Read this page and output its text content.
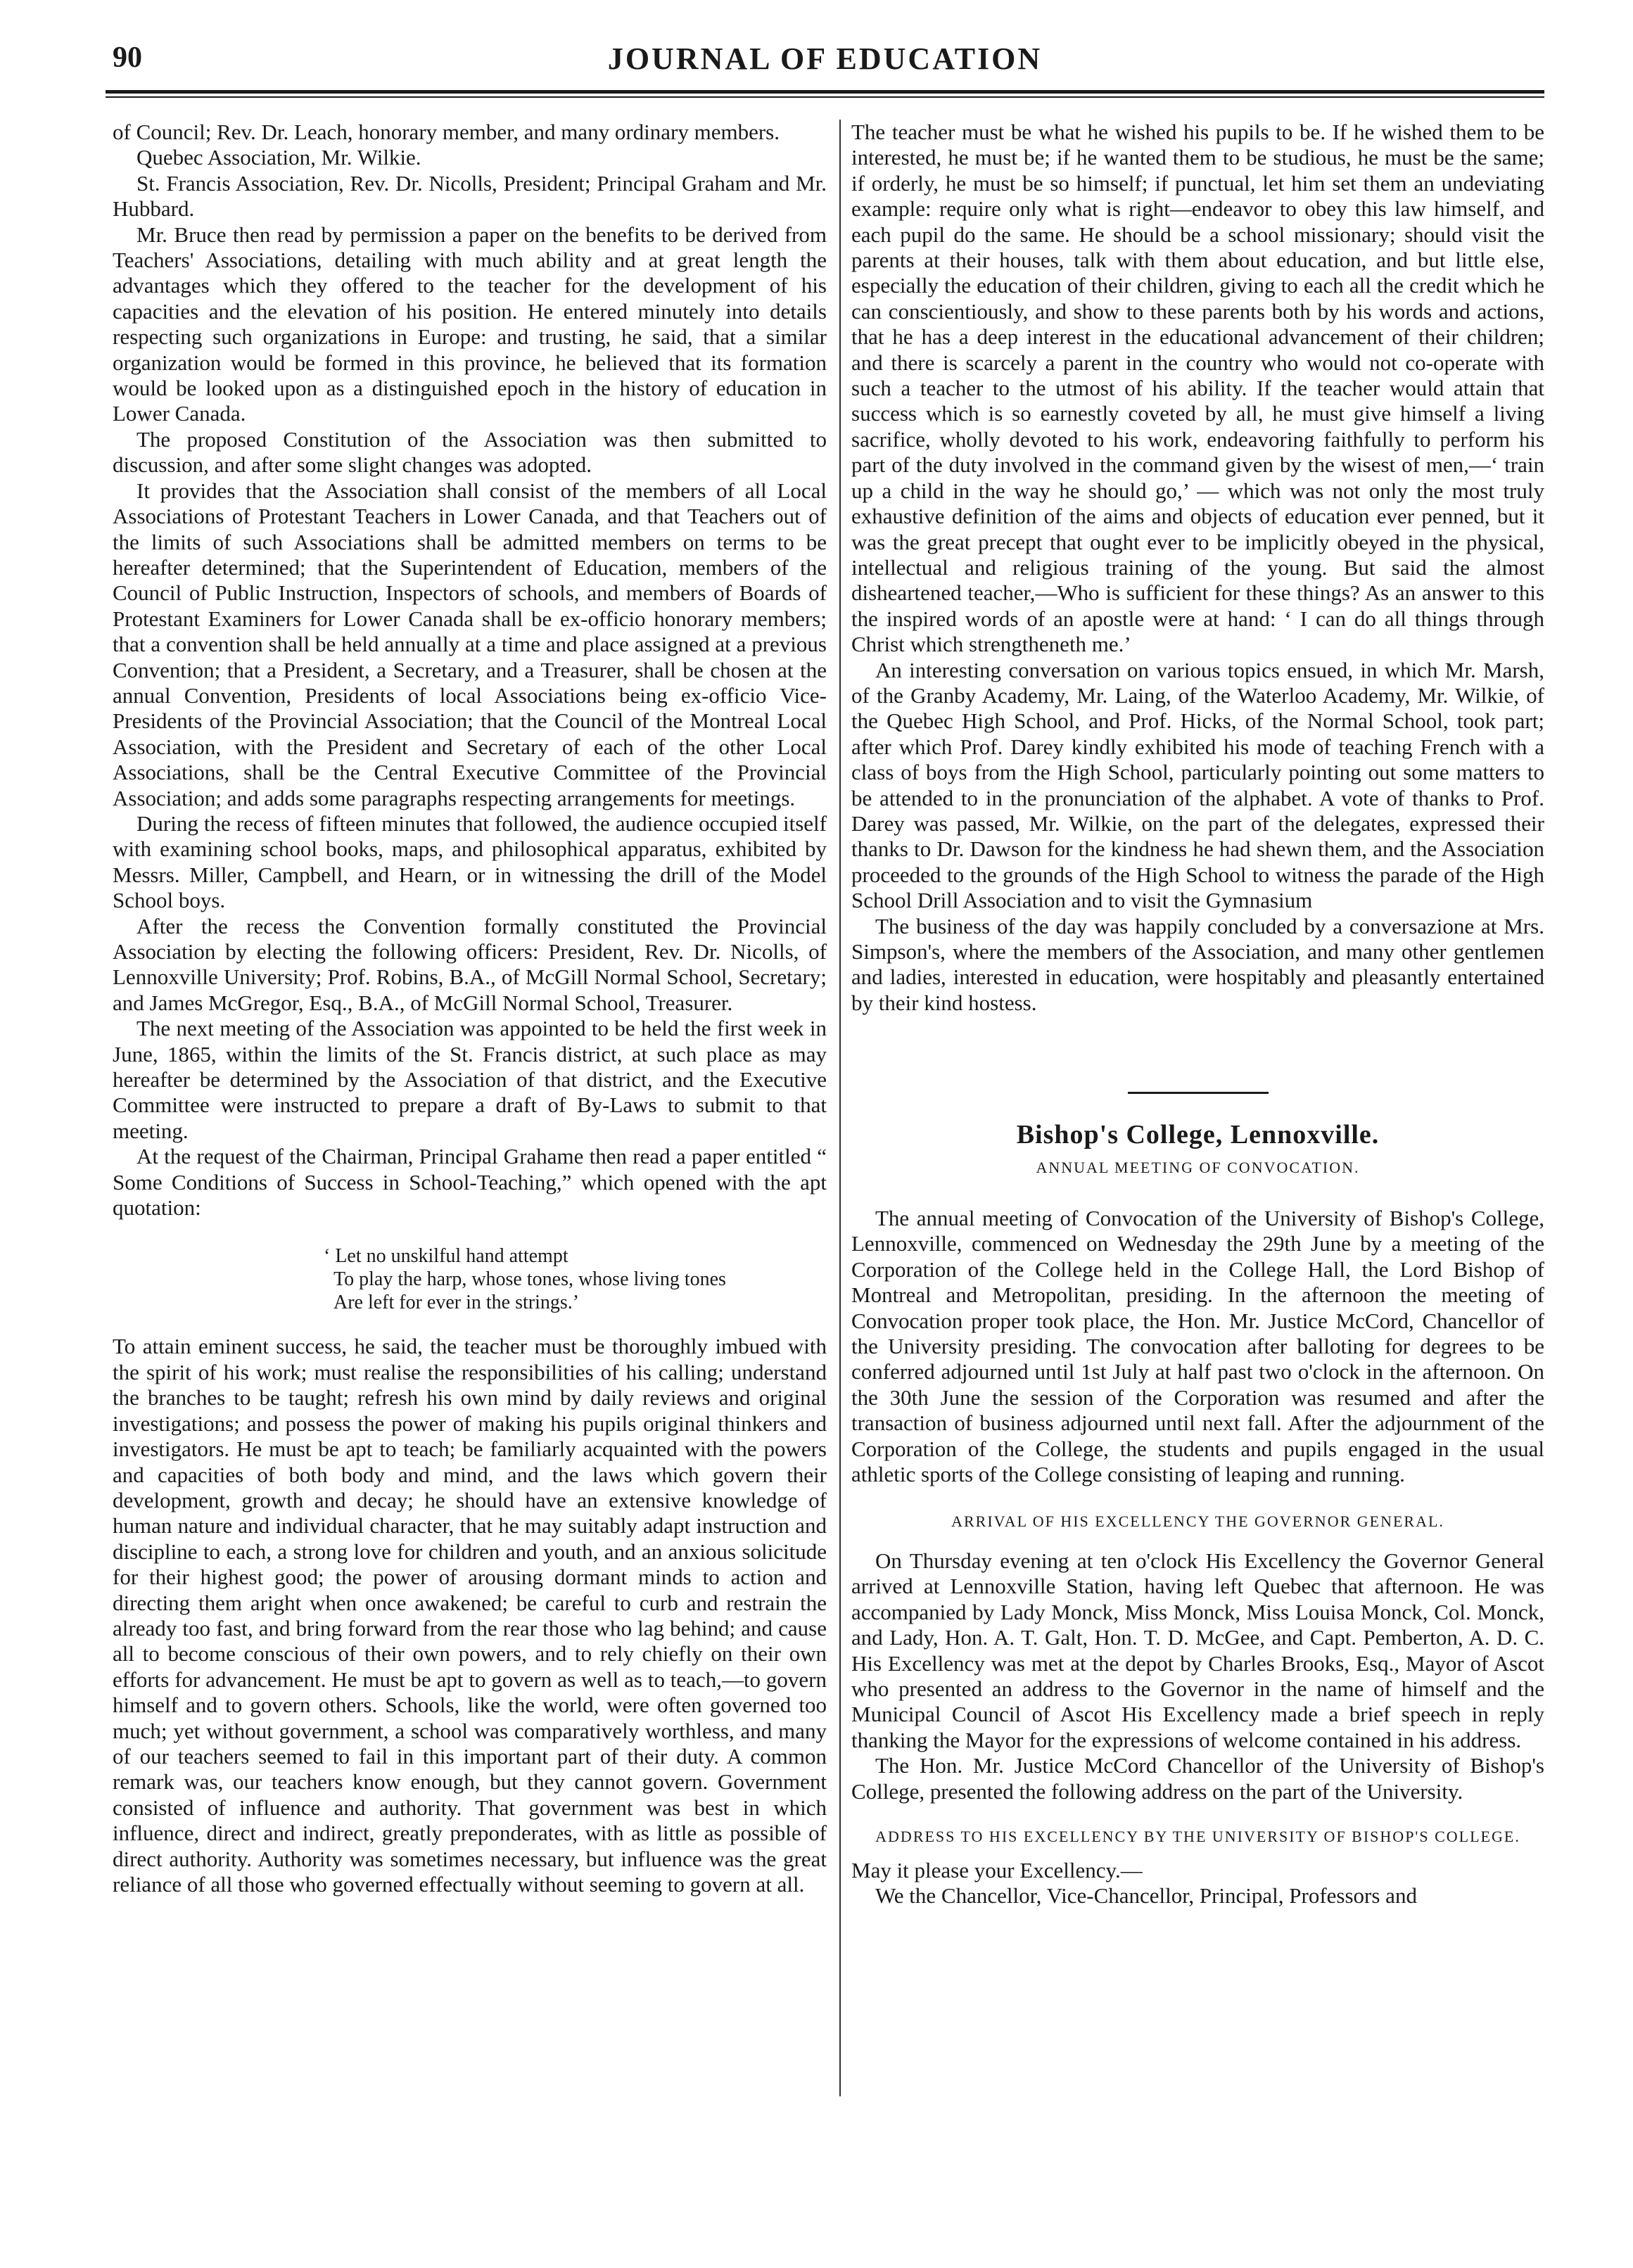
90	JOURNAL OF EDUCATION

of Council; Rev. Dr. Leach, honorary member, and many ordinary members.

Quebec Association, Mr. Wilkie.

St. Francis Association, Rev. Dr. Nicolls, President; Principal Graham and Mr. Hubbard.

Mr. Bruce then read by permission a paper on the benefits to be derived from Teachers' Associations, detailing with much ability and at great length the advantages which they offered to the teacher for the development of his capacities and the elevation of his position. He entered minutely into details respecting such organizations in Europe: and trusting, he said, that a similar organization would be formed in this province, he believed that its formation would be looked upon as a distinguished epoch in the history of education in Lower Canada.

The proposed Constitution of the Association was then submitted to discussion, and after some slight changes was adopted.

It provides that the Association shall consist of the members of all Local Associations of Protestant Teachers in Lower Canada, and that Teachers out of the limits of such Associations shall be admitted members on terms to be hereafter determined; that the Superintendent of Education, members of the Council of Public Instruction, Inspectors of schools, and members of Boards of Protestant Examiners for Lower Canada shall be ex-officio honorary members; that a convention shall be held annually at a time and place assigned at a previous Convention; that a President, a Secretary, and a Treasurer, shall be chosen at the annual Convention, Presidents of local Associations being ex-officio Vice-Presidents of the Provincial Association; that the Council of the Montreal Local Association, with the President and Secretary of each of the other Local Associations, shall be the Central Executive Committee of the Provincial Association; and adds some paragraphs respecting arrangements for meetings.

During the recess of fifteen minutes that followed, the audience occupied itself with examining school books, maps, and philosophical apparatus, exhibited by Messrs. Miller, Campbell, and Hearn, or in witnessing the drill of the Model School boys.

After the recess the Convention formally constituted the Provincial Association by electing the following officers: President, Rev. Dr. Nicolls, of Lennoxville University; Prof. Robins, B.A., of McGill Normal School, Secretary; and James McGregor, Esq., B.A., of McGill Normal School, Treasurer.

The next meeting of the Association was appointed to be held the first week in June, 1865, within the limits of the St. Francis district, at such place as may hereafter be determined by the Association of that district, and the Executive Committee were instructed to prepare a draft of By-Laws to submit to that meeting.

At the request of the Chairman, Principal Grahame then read a paper entitled “ Some Conditions of Success in School-Teaching,” which opened with the apt quotation:

‘ Let no unskilful hand attempt
To play the harp, whose tones, whose living tones
Are left for ever in the strings.’

To attain eminent success, he said, the teacher must be thoroughly imbued with the spirit of his work; must realise the responsibilities of his calling; understand the branches to be taught; refresh his own mind by daily reviews and original investigations; and possess the power of making his pupils original thinkers and investigators. He must be apt to teach; be familiarly acquainted with the powers and capacities of both body and mind, and the laws which govern their development, growth and decay; he should have an extensive knowledge of human nature and individual character, that he may suitably adapt instruction and discipline to each, a strong love for children and youth, and an anxious solicitude for their highest good; the power of arousing dormant minds to action and directing them aright when once awakened; be careful to curb and restrain the already too fast, and bring forward from the rear those who lag behind; and cause all to become conscious of their own powers, and to rely chiefly on their own efforts for advancement. He must be apt to govern as well as to teach,—to govern himself and to govern others. Schools, like the world, were often governed too much; yet without government, a school was comparatively worthless, and many of our teachers seemed to fail in this important part of their duty. A common remark was, our teachers know enough, but they cannot govern. Government consisted of influence and authority. That government was best in which influence, direct and indirect, greatly preponderates, with as little as possible of direct authority. Authority was sometimes necessary, but influence was the great reliance of all those who governed effectually without seeming to govern at all.

The teacher must be what he wished his pupils to be. If he wished them to be interested, he must be; if he wanted them to be studious, he must be the same; if orderly, he must be so himself; if punctual, let him set them an undeviating example: require only what is right—endeavor to obey this law himself, and each pupil do the same. He should be a school missionary; should visit the parents at their houses, talk with them about education, and but little else, especially the education of their children, giving to each all the credit which he can conscientiously, and show to these parents both by his words and actions, that he has a deep interest in the educational advancement of their children; and there is scarcely a parent in the country who would not co-operate with such a teacher to the utmost of his ability. If the teacher would attain that success which is so earnestly coveted by all, he must give himself a living sacrifice, wholly devoted to his work, endeavoring faithfully to perform his part of the duty involved in the command given by the wisest of men,—‘ train up a child in the way he should go,’ — which was not only the most truly exhaustive definition of the aims and objects of education ever penned, but it was the great precept that ought ever to be implicitly obeyed in the physical, intellectual and religious training of the young. But said the almost disheartened teacher,—Who is sufficient for these things? As an answer to this the inspired words of an apostle were at hand: ‘ I can do all things through Christ which strengtheneth me.’

An interesting conversation on various topics ensued, in which Mr. Marsh, of the Granby Academy, Mr. Laing, of the Waterloo Academy, Mr. Wilkie, of the Quebec High School, and Prof. Hicks, of the Normal School, took part; after which Prof. Darey kindly exhibited his mode of teaching French with a class of boys from the High School, particularly pointing out some matters to be attended to in the pronunciation of the alphabet. A vote of thanks to Prof. Darey was passed, Mr. Wilkie, on the part of the delegates, expressed their thanks to Dr. Dawson for the kindness he had shewn them, and the Association proceeded to the grounds of the High School to witness the parade of the High School Drill Association and to visit the Gymnasium

The business of the day was happily concluded by a conversazione at Mrs. Simpson's, where the members of the Association, and many other gentlemen and ladies, interested in education, were hospitably and pleasantly entertained by their kind hostess.

Bishop's College, Lennoxville.
ANNUAL MEETING OF CONVOCATION.

The annual meeting of Convocation of the University of Bishop's College, Lennoxville, commenced on Wednesday the 29th June by a meeting of the Corporation of the College held in the College Hall, the Lord Bishop of Montreal and Metropolitan, presiding. In the afternoon the meeting of Convocation proper took place, the Hon. Mr. Justice McCord, Chancellor of the University presiding. The convocation after balloting for degrees to be conferred adjourned until 1st July at half past two o'clock in the afternoon. On the 30th June the session of the Corporation was resumed and after the transaction of business adjourned until next fall. After the adjournment of the Corporation of the College, the students and pupils engaged in the usual athletic sports of the College consisting of leaping and running.

ARRIVAL OF HIS EXCELLENCY THE GOVERNOR GENERAL.

On Thursday evening at ten o'clock His Excellency the Governor General arrived at Lennoxville Station, having left Quebec that afternoon. He was accompanied by Lady Monck, Miss Monck, Miss Louisa Monck, Col. Monck, and Lady, Hon. A. T. Galt, Hon. T. D. McGee, and Capt. Pemberton, A. D. C. His Excellency was met at the depot by Charles Brooks, Esq., Mayor of Ascot who presented an address to the Governor in the name of himself and the Municipal Council of Ascot His Excellency made a brief speech in reply thanking the Mayor for the expressions of welcome contained in his address.

The Hon. Mr. Justice McCord Chancellor of the University of Bishop's College, presented the following address on the part of the University.

ADDRESS TO HIS EXCELLENCY BY THE UNIVERSITY OF BISHOP'S COLLEGE.

May it please your Excellency.—

We the Chancellor, Vice-Chancellor, Principal, Professors and
